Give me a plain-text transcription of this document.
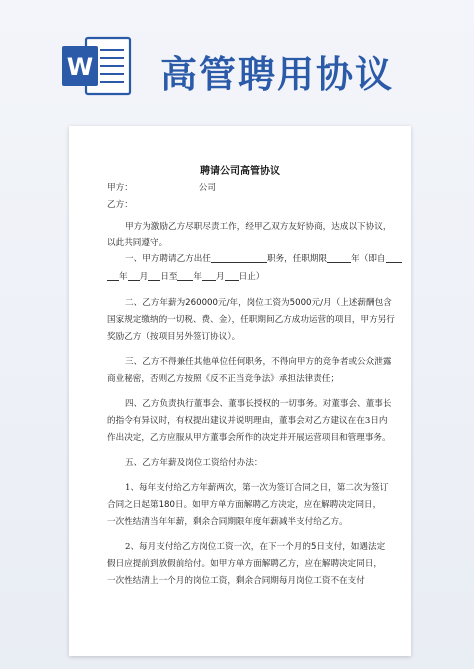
W 高管聘用协议
聘请公司高管协议
甲方：	公司
乙方：
甲方为激励乙方尽职尽责工作，经甲乙双方友好协商，达成以下协议，
以此共同遵守。
一、甲方聘请乙方出任	职务，任职期限	年（即自
年 月 日至 年 月 日止）
二、乙方年薪为260000元/年，岗位工资为5000元/月（上述薪酬包含
国家规定缴纳的一切税、费、金），任职期间乙方成功运营的项目，甲方另行
奖励乙方（按项目另外签订协议）。
三、乙方不得兼任其他单位任何职务，不得向甲方的竞争者或公众泄露
商业秘密，否则乙方按照《反不正当竞争法》承担法律责任；
四、乙方负责执行董事会、董事长授权的一切事务。对董事会、董事长
的指令有异议时，有权提出建议并说明理由，董事会对乙方建议在在3日内
作出决定，乙方应服从甲方董事会所作的决定并开展运营项目和管理事务。
五、乙方年薪及岗位工资给付办法：
1、每年支付给乙方年薪两次，第一次为签订合同之日，第二次为签订
合同之日起第180日。如甲方单方面解聘乙方决定，应在解聘决定同日，
一次性结清当年年薪，剩余合同期限年度年薪减半支付给乙方。
2、每月支付给乙方岗位工资一次，在下一个月的5日支付，如遇法定
假日应提前到放假前给付。如甲方单方面解聘乙方，应在解聘决定同日，
一次性结清上一个月的岗位工资，剩余合同期每月岗位工资不在支付
